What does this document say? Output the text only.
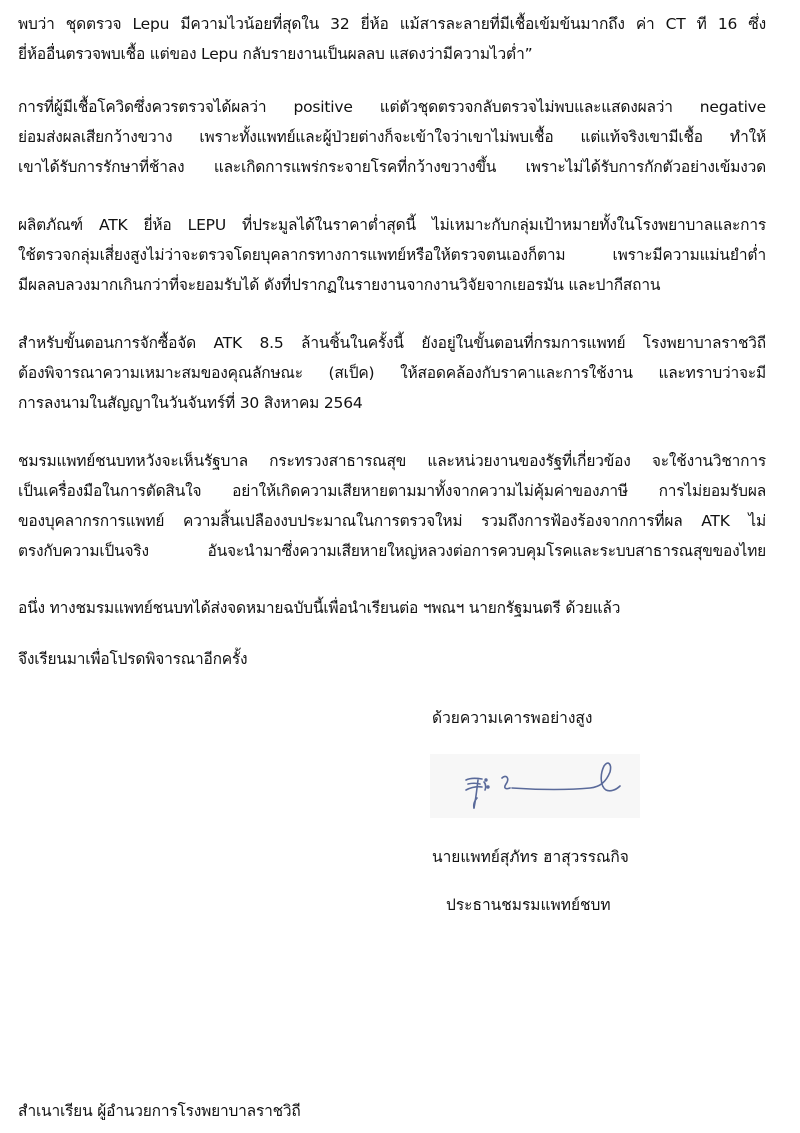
พบว่า ชุดตรวจ Lepu มีความไวน้อยที่สุดใน 32 ยี่ห้อ แม้สารละลายที่มีเชื้อเข้มข้นมากถึง ค่า CT ที 16 ซึ่ง
ยี่ห้ออื่นตรวจพบเชื้อ แต่ของ Lepu กลับรายงานเป็นผลลบ แสดงว่ามีความไวต่ำ”
การที่ผู้มีเชื้อโควิดซึ่งควรตรวจได้ผลว่า positive แต่ตัวชุดตรวจกลับตรวจไม่พบและแสดงผลว่า negative
ย่อมส่งผลเสียกว้างขวาง เพราะทั้งแพทย์และผู้ป่วยต่างก็จะเข้าใจว่าเขาไม่พบเชื้อ แต่แท้จริงเขามีเชื้อ ทำให้
เขาได้รับการรักษาที่ช้าลง และเกิดการแพร่กระจายโรคที่กว้างขวางขึ้น เพราะไม่ได้รับการกักตัวอย่างเข้มงวด
ผลิตภัณฑ์ ATK ยี่ห้อ LEPU ที่ประมูลได้ในราคาต่ำสุดนี้ ไม่เหมาะกับกลุ่มเป้าหมายทั้งในโรงพยาบาลและการ
ใช้ตรวจกลุ่มเสี่ยงสูงไม่ว่าจะตรวจโดยบุคลากรทางการแพทย์หรือให้ตรวจตนเองก็ตาม เพราะมีความแม่นยำต่ำ
มีผลลบลวงมากเกินกว่าที่จะยอมรับได้ ดังที่ปรากฏในรายงานจากงานวิจัยจากเยอรมัน และปากีสถาน
สำหรับขั้นตอนการจักซื้อจัด ATK 8.5 ล้านชิ้นในครั้งนี้ ยังอยู่ในขั้นตอนที่กรมการแพทย์ โรงพยาบาลราชวิถี
ต้องพิจารณาความเหมาะสมของคุณลักษณะ (สเป็ค) ให้สอดคล้องกับราคาและการใช้งาน และทราบว่าจะมี
การลงนามในสัญญาในวันจันทร์ที่ 30 สิงหาคม 2564
ชมรมแพทย์ชนบทหวังจะเห็นรัฐบาล กระทรวงสาธารณสุข และหน่วยงานของรัฐที่เกี่ยวข้อง จะใช้งานวิชาการ
เป็นเครื่องมือในการตัดสินใจ อย่าให้เกิดความเสียหายตามมาทั้งจากความไม่คุ้มค่าของภาษี การไม่ยอมรับผล
ของบุคลากรการแพทย์ ความสิ้นเปลืองงบประมาณในการตรวจใหม่ รวมถึงการฟ้องร้องจากการที่ผล ATK ไม่
ตรงกับความเป็นจริง อันจะนำมาซึ่งความเสียหายใหญ่หลวงต่อการควบคุมโรคและระบบสาธารณสุขของไทย
อนึ่ง ทางชมรมแพทย์ชนบทได้ส่งจดหมายฉบับนี้เพื่อนำเรียนต่อ ฯพณฯ นายกรัฐมนตรี ด้วยแล้ว
จึงเรียนมาเพื่อโปรดพิจารณาอีกครั้ง
ด้วยความเคารพอย่างสูง
นายแพทย์สุภัทร ฮาสุวรรณกิจ
ประธานชมรมแพทย์ชบท
สำเนาเรียน ผู้อำนวยการโรงพยาบาลราชวิถี
